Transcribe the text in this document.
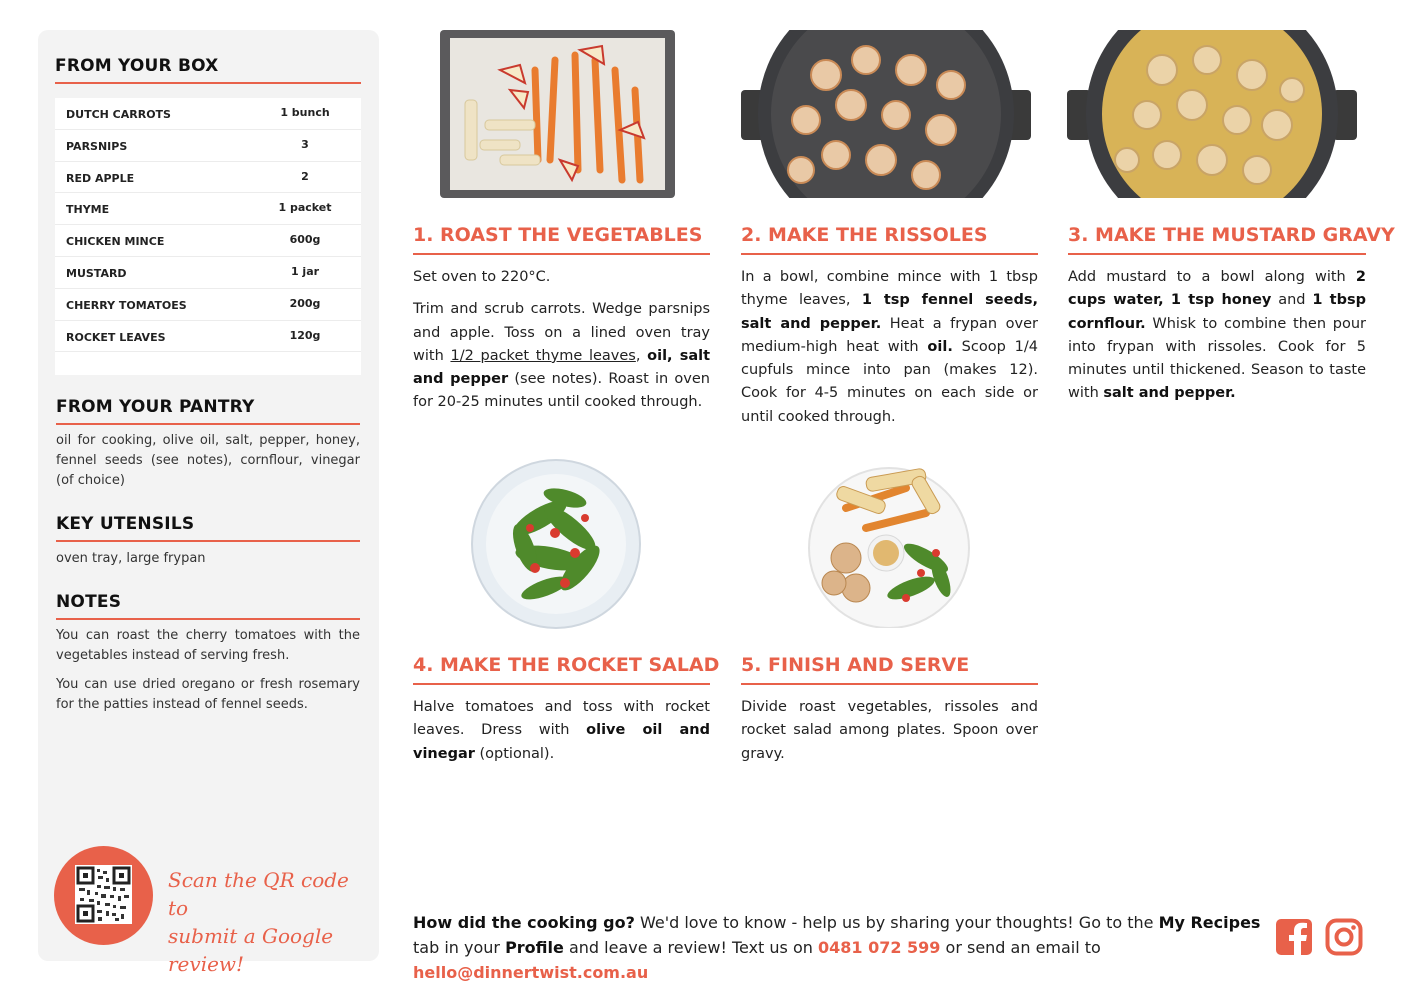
FROM YOUR BOX
DUTCH CARROTS	1 bunch
PARSNIPS	3
RED APPLE	2
THYME	1 packet
CHICKEN MINCE	600g
MUSTARD	1 jar
CHERRY TOMATOES	200g
ROCKET LEAVES	120g
FROM YOUR PANTRY

oil for cooking, olive oil, salt, pepper, honey, fennel seeds (see notes), cornflour, vinegar (of choice)

KEY UTENSILS

oven tray, large frypan

NOTES

You can roast the cherry tomatoes with the vegetables instead of serving fresh.

You can use dried oregano or fresh rosemary for the patties instead of fennel seeds.

Scan the QR code to
submit a Google review!
1. ROAST THE VEGETABLES

Set oven to 220°C.

Trim and scrub carrots. Wedge parsnips and apple. Toss on a lined oven tray with 1/2 packet thyme leaves, oil, salt and pepper (see notes). Roast in oven for 20-25 minutes until cooked through.

2. MAKE THE RISSOLES

In a bowl, combine mince with 1 tbsp thyme leaves, 1 tsp fennel seeds, salt and pepper. Heat a frypan over medium-high heat with oil. Scoop 1/4 cupfuls mince into pan (makes 12). Cook for 4-5 minutes on each side or until cooked through.

3. MAKE THE MUSTARD GRAVY

Add mustard to a bowl along with 2 cups water, 1 tsp honey and 1 tbsp cornflour. Whisk to combine then pour into frypan with rissoles. Cook for 5 minutes until thickened. Season to taste with salt and pepper.

4. MAKE THE ROCKET SALAD

Halve tomatoes and toss with rocket leaves. Dress with olive oil and vinegar (optional).

5. FINISH AND SERVE

Divide roast vegetables, rissoles and rocket salad among plates. Spoon over gravy.

How did the cooking go? We'd love to know - help us by sharing your thoughts! Go to the My Recipes tab in your Profile and leave a review! Text us on 0481 072 599 or send an email to hello@dinnertwist.com.au
